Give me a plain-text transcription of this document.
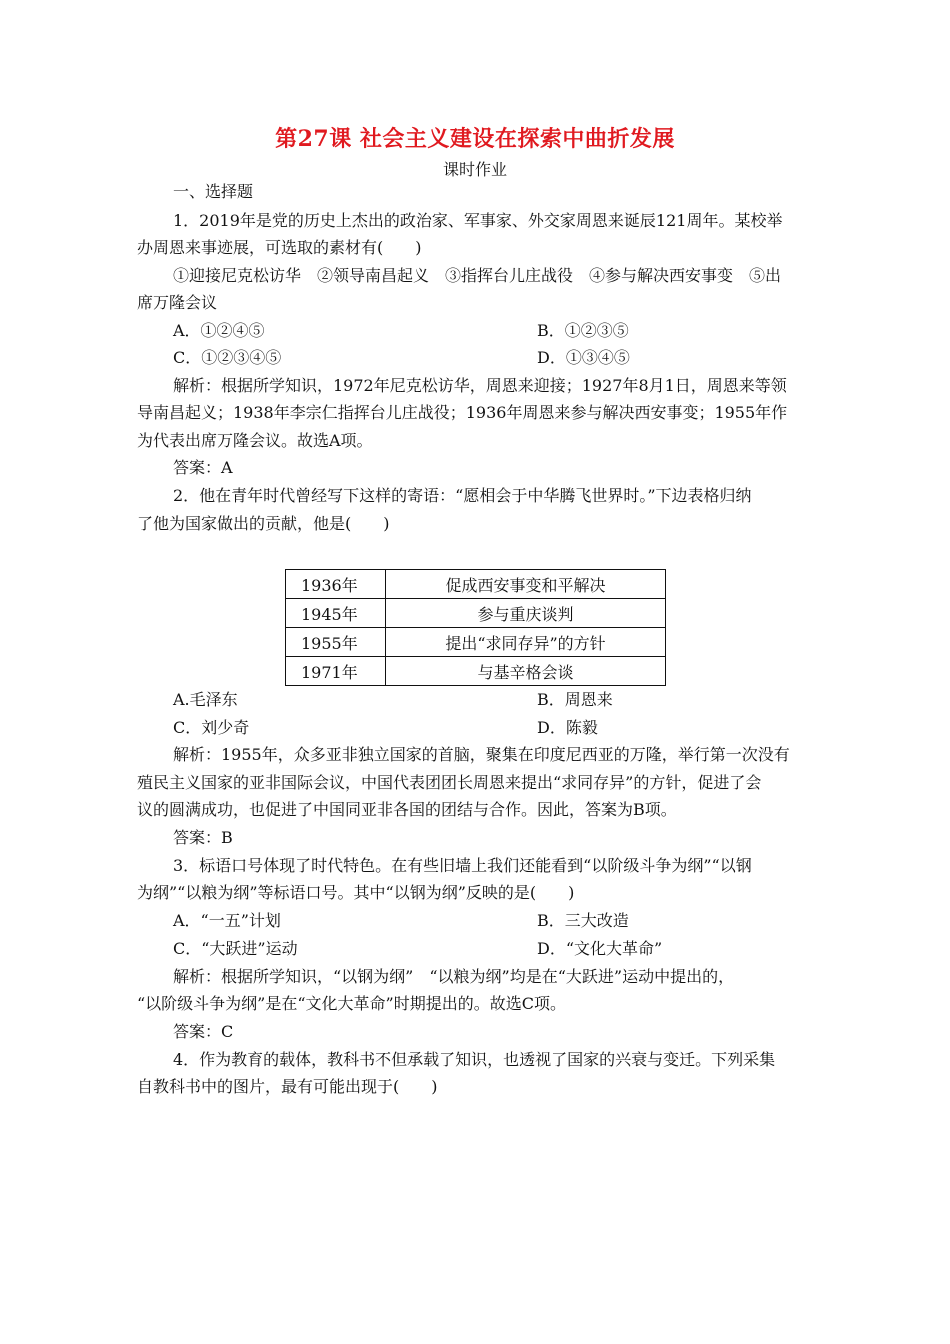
第27课 社会主义建设在探索中曲折发展
课时作业
一、选择题
1．2019年是党的历史上杰出的政治家、军事家、外交家周恩来诞辰121周年。某校举
办周恩来事迹展，可选取的素材有(　　)
①迎接尼克松访华　②领导南昌起义　③指挥台儿庄战役　④参与解决西安事变　⑤出
席万隆会议
A．①②④⑤	B．①②③⑤
C．①②③④⑤	D．①③④⑤
解析：根据所学知识，1972年尼克松访华，周恩来迎接；1927年8月1日，周恩来等领
导南昌起义；1938年李宗仁指挥台儿庄战役；1936年周恩来参与解决西安事变；1955年作
为代表出席万隆会议。故选A项。
答案：A
2．他在青年时代曾经写下这样的寄语：“愿相会于中华腾飞世界时。”下边表格归纳
了他为国家做出的贡献，他是(　　)
1936年	促成西安事变和平解决
1945年	参与重庆谈判
1955年	提出“求同存异”的方针
1971年	与基辛格会谈
A.毛泽东	B．周恩来
C．刘少奇	D．陈毅
解析：1955年，众多亚非独立国家的首脑，聚集在印度尼西亚的万隆，举行第一次没有
殖民主义国家的亚非国际会议，中国代表团团长周恩来提出“求同存异”的方针，促进了会
议的圆满成功，也促进了中国同亚非各国的团结与合作。因此，答案为B项。
答案：B
3．标语口号体现了时代特色。在有些旧墙上我们还能看到“以阶级斗争为纲”“以钢
为纲”“以粮为纲”等标语口号。其中“以钢为纲”反映的是(　　)
A．“一五”计划	B．三大改造
C．“大跃进”运动	D．“文化大革命”
解析：根据所学知识，“以钢为纲”　“以粮为纲”均是在“大跃进”运动中提出的，
“以阶级斗争为纲”是在“文化大革命”时期提出的。故选C项。
答案：C
4．作为教育的载体，教科书不但承载了知识，也透视了国家的兴衰与变迁。下列采集
自教科书中的图片，最有可能出现于(　　)
